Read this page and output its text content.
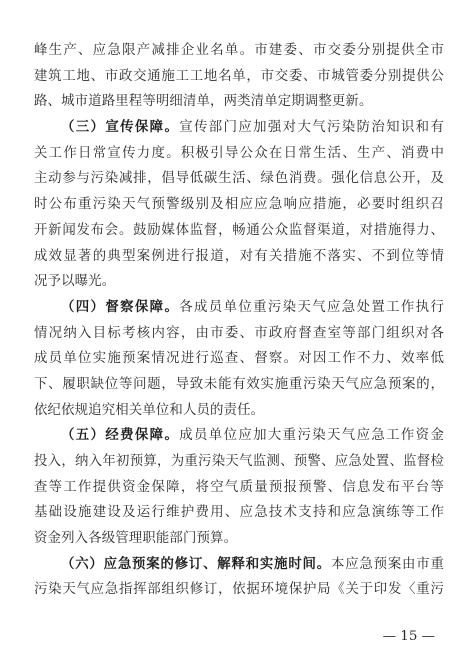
峰生产、应急限产减排企业名单。市建委、市交委分别提供全市
建筑工地、市政交通施工工地名单，市交委、市城管委分别提供公
路、城市道路里程等明细清单，两类清单定期调整更新。
（三）宣传保障。宣传部门应加强对大气污染防治知识和有
关工作日常宣传力度。积极引导公众在日常生活、生产、消费中
主动参与污染减排，倡导低碳生活、绿色消费。强化信息公开，及
时公布重污染天气预警级别及相应应急响应措施，必要时组织召
开新闻发布会。鼓励媒体监督，畅通公众监督渠道，对措施得力、
成效显著的典型案例进行报道，对有关措施不落实、不到位等情
况予以曝光。
（四）督察保障。各成员单位重污染天气应急处置工作执行
情况纳入目标考核内容，由市委、市政府督查室等部门组织对各
成员单位实施预案情况进行巡查、督察。对因工作不力、效率低
下、履职缺位等问题，导致未能有效实施重污染天气应急预案的，
依纪依规追究相关单位和人员的责任。
（五）经费保障。成员单位应加大重污染天气应急工作资金
投入，纳入年初预算，为重污染天气监测、预警、应急处置、监督检
查等工作提供资金保障，将空气质量预报预警、信息发布平台等
基础设施建设及运行维护费用、应急技术支持和应急演练等工作
资金列入各级管理职能部门预算。
（六）应急预案的修订、解释和实施时间。本应急预案由市重
污染天气应急指挥部组织修订，依据环境保护局《关于印发〈重污
— 15 —
